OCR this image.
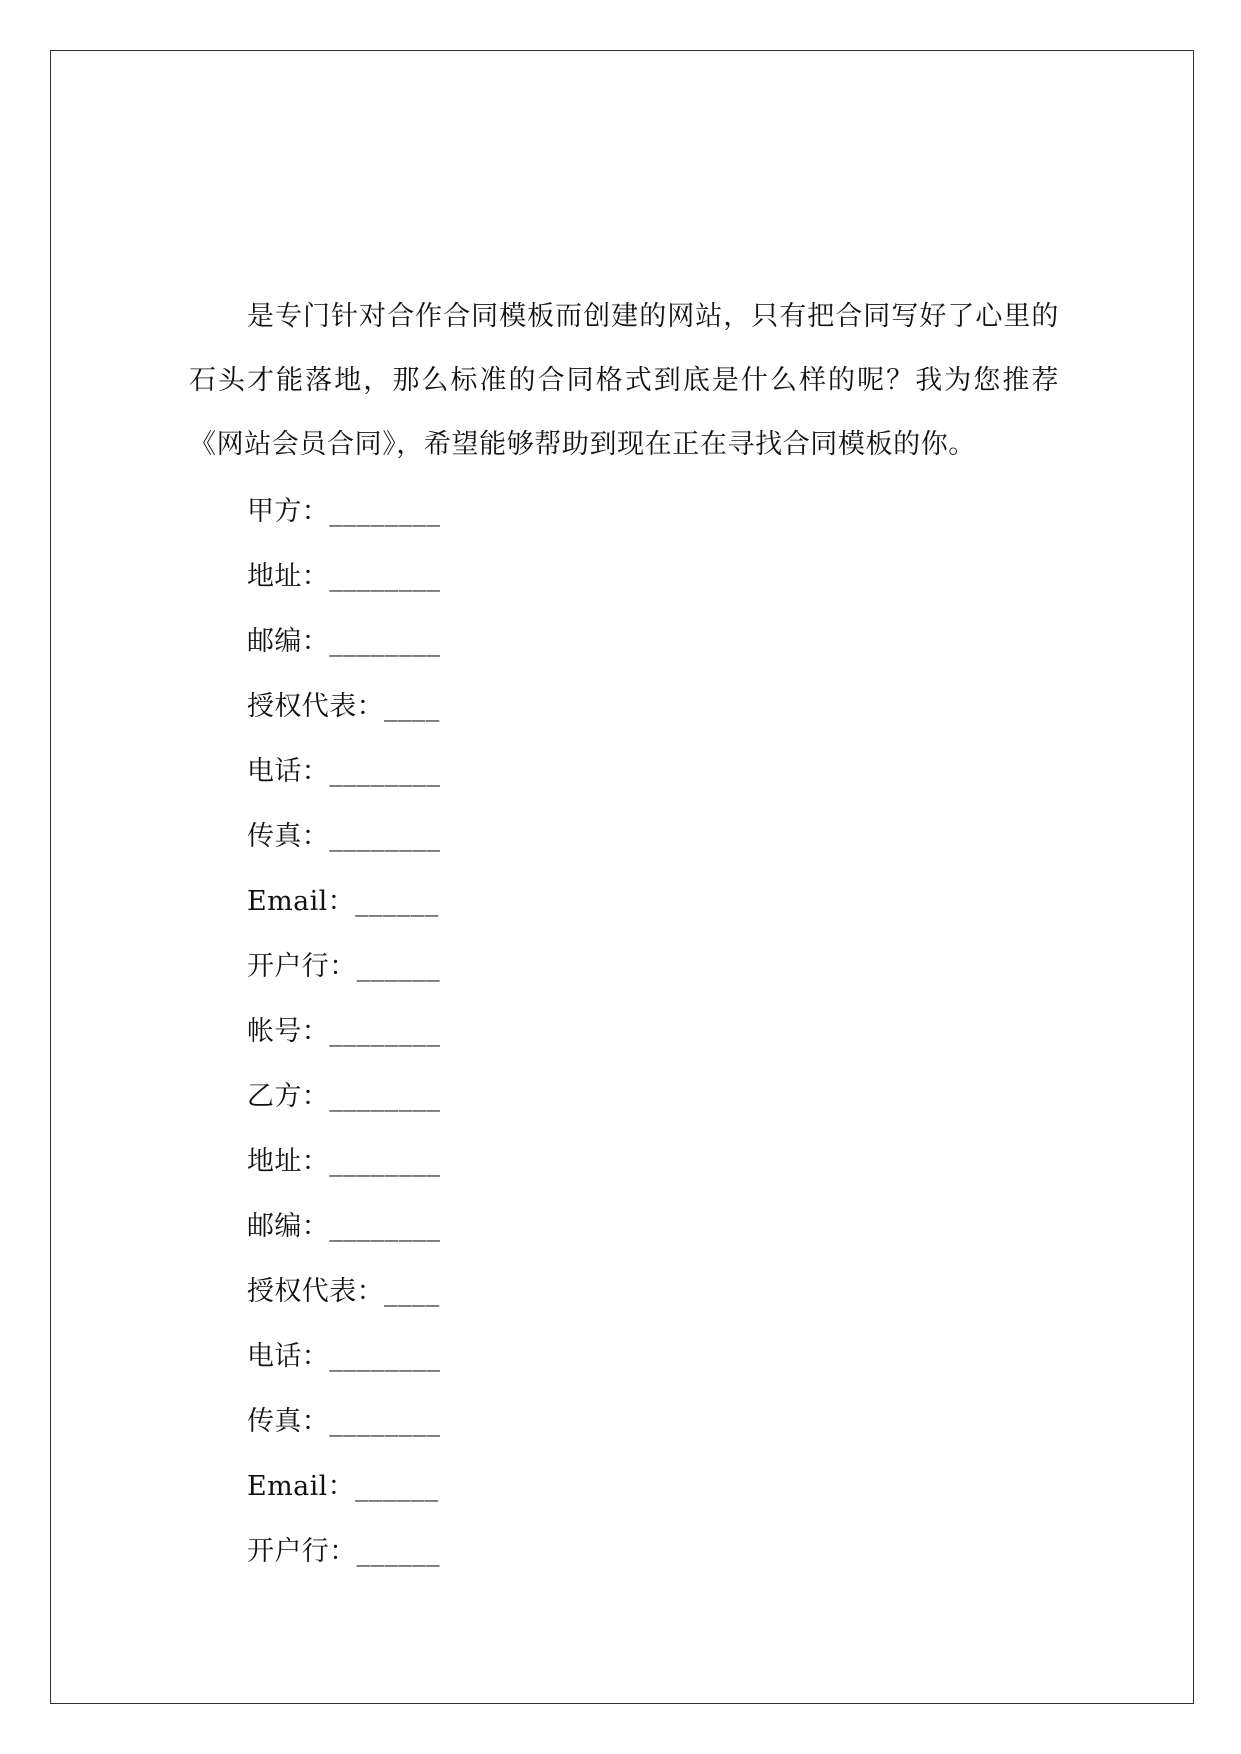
是专门针对合作合同模板而创建的网站，只有把合同写好了心里的石头才能落地，那么标准的合同格式到底是什么样的呢？我为您推荐《网站会员合同》，希望能够帮助到现在正在寻找合同模板的你。

甲方：________
地址：________
邮编：________
授权代表：____
电话：________
传真：________
Email：______
开户行：______
帐号：________
乙方：________
地址：________
邮编：________
授权代表：____
电话：________
传真：________
Email：______
开户行：______
